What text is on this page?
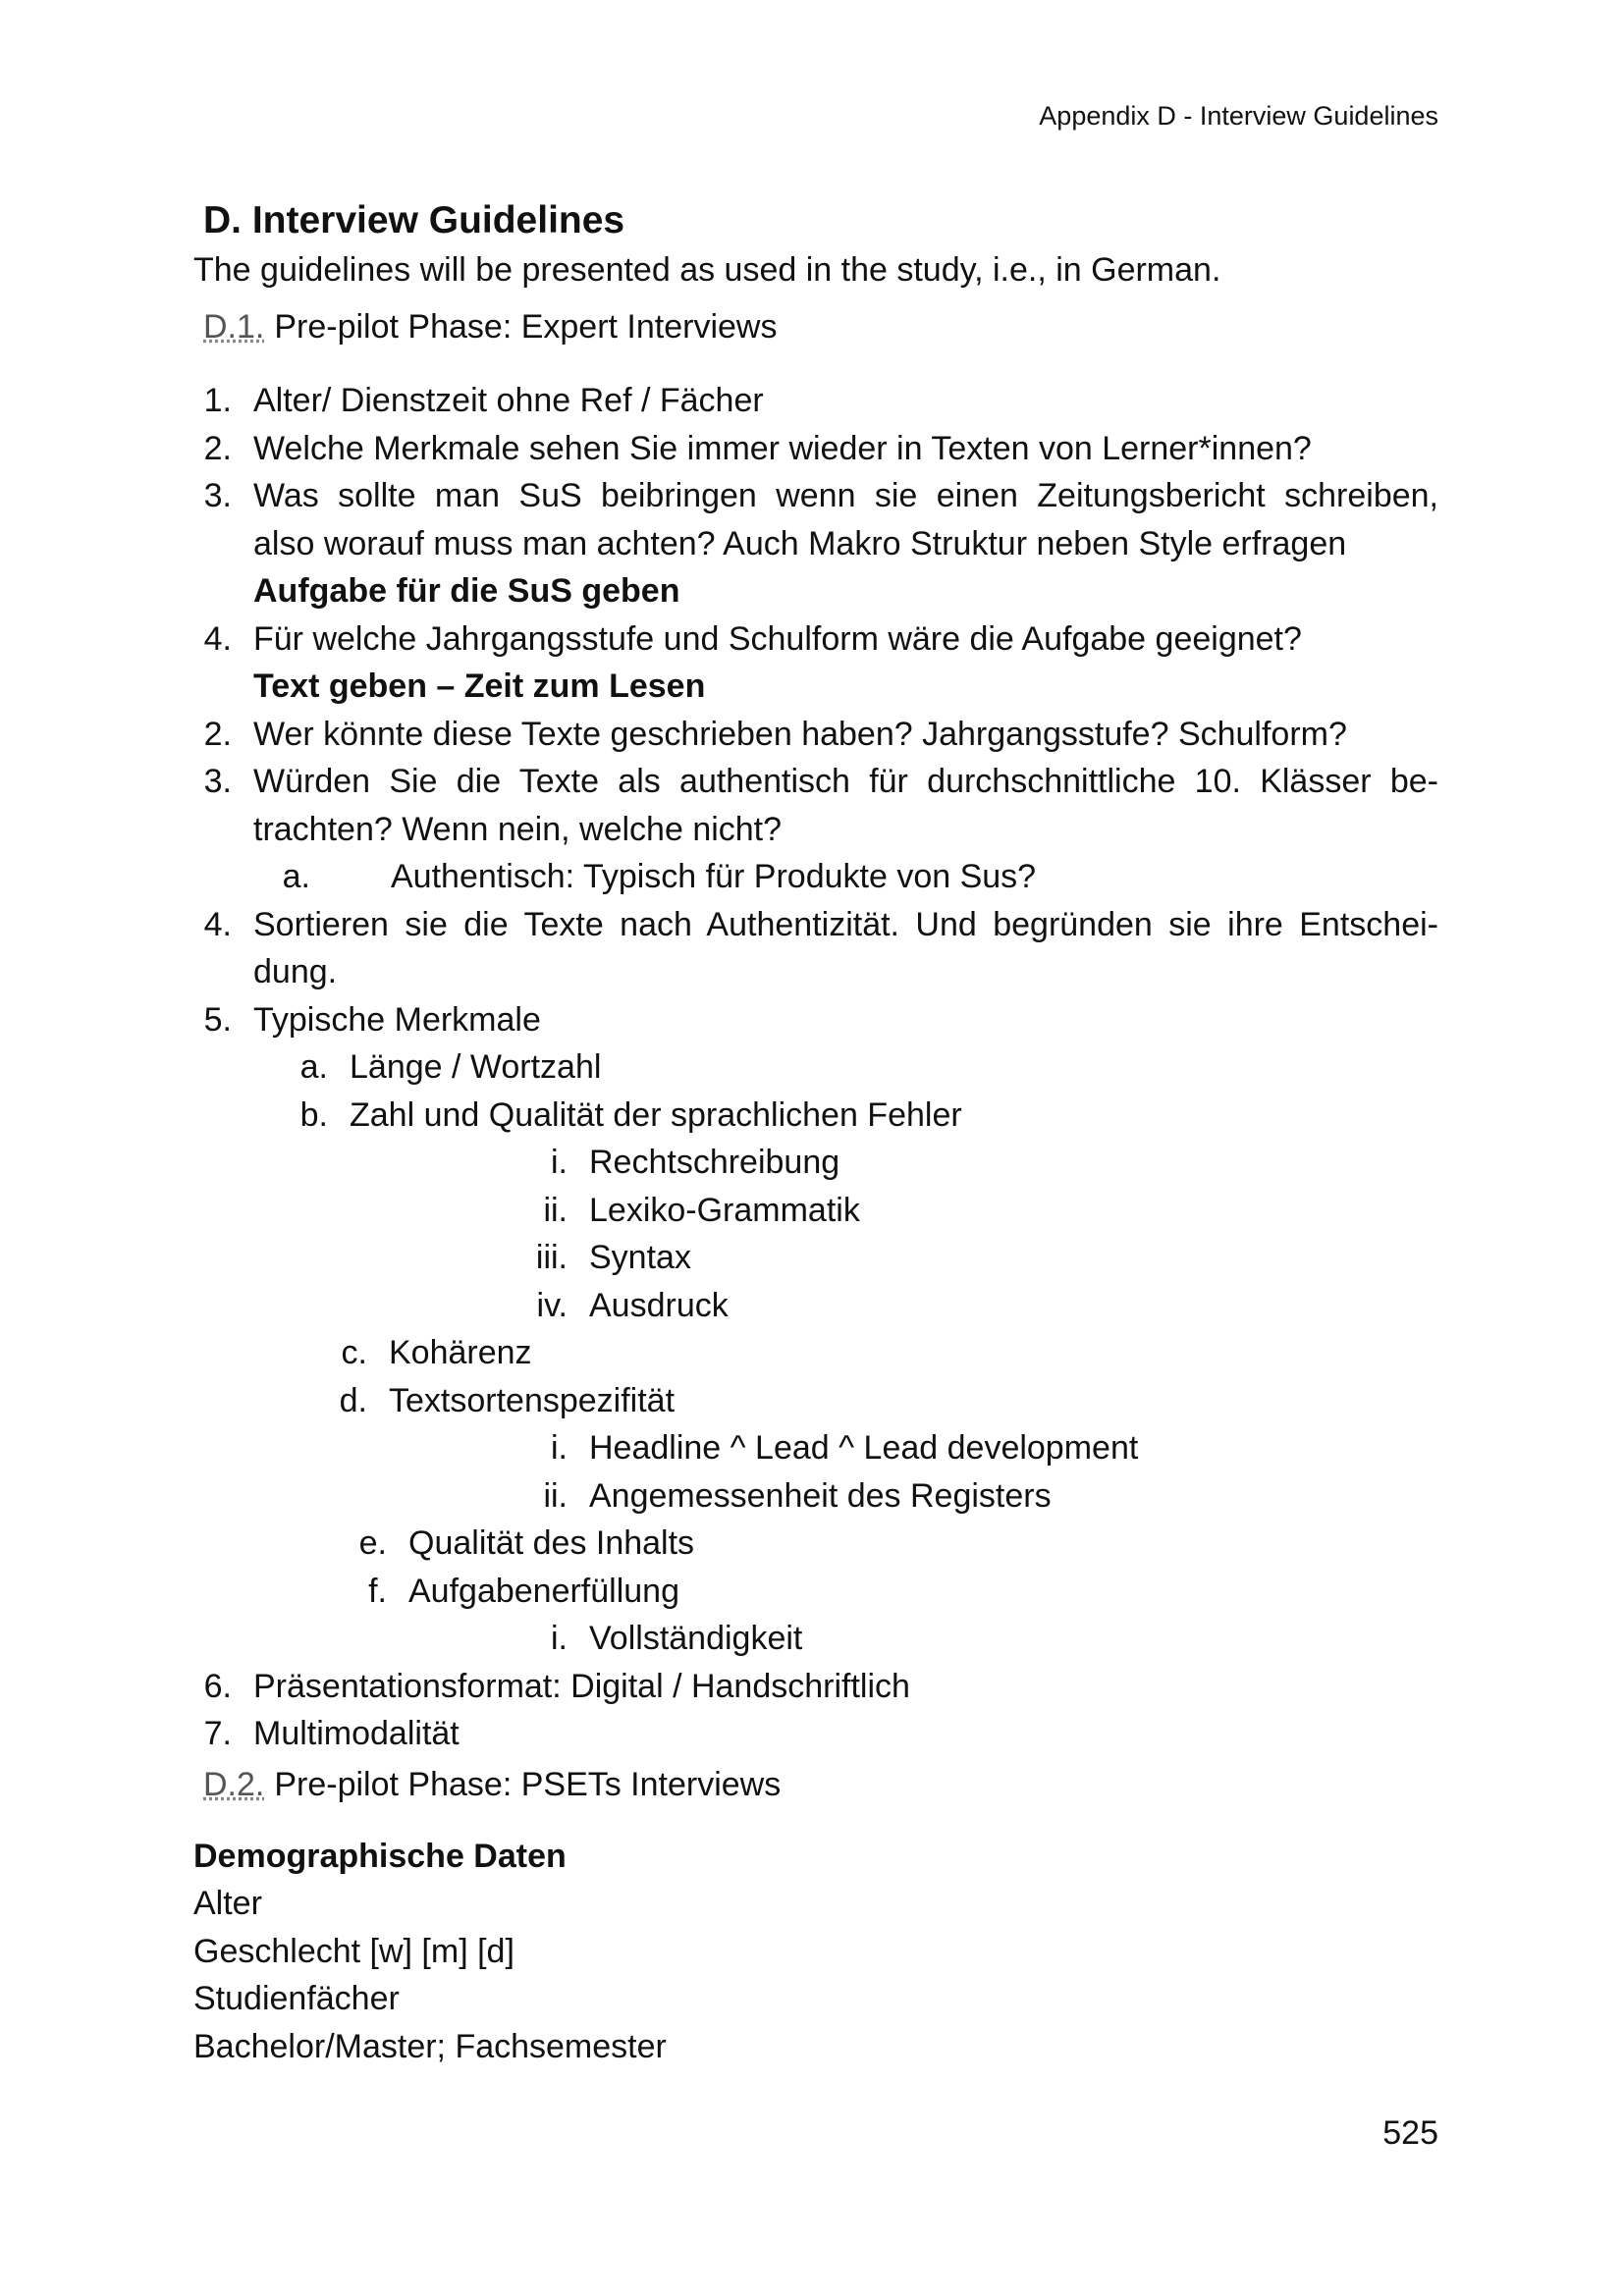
Appendix D - Interview Guidelines
D. Interview Guidelines
The guidelines will be presented as used in the study, i.e., in German.
D.1. Pre-pilot Phase: Expert Interviews
1. Alter/ Dienstzeit ohne Ref / Fächer
2. Welche Merkmale sehen Sie immer wieder in Texten von Lerner*innen?
3. Was sollte man SuS beibringen wenn sie einen Zeitungsbericht schreiben,
also worauf muss man achten? Auch Makro Struktur neben Style erfragen
Aufgabe für die SuS geben
4. Für welche Jahrgangsstufe und Schulform wäre die Aufgabe geeignet?
Text geben – Zeit zum Lesen
2. Wer könnte diese Texte geschrieben haben? Jahrgangsstufe? Schulform?
3. Würden Sie die Texte als authentisch für durchschnittliche 10. Klässer be-
trachten? Wenn nein, welche nicht?
a. Authentisch: Typisch für Produkte von Sus?
4. Sortieren sie die Texte nach Authentizität. Und begründen sie ihre Entschei-
dung.
5. Typische Merkmale
a. Länge / Wortzahl
b. Zahl und Qualität der sprachlichen Fehler
i. Rechtschreibung
ii. Lexiko-Grammatik
iii. Syntax
iv. Ausdruck
c. Kohärenz
d. Textsortenspezifität
i. Headline ^ Lead ^ Lead development
ii. Angemessenheit des Registers
e. Qualität des Inhalts
f. Aufgabenerfüllung
i. Vollständigkeit
6. Präsentationsformat: Digital / Handschriftlich
7. Multimodalität
D.2. Pre-pilot Phase: PSETs Interviews
Demographische Daten
Alter
Geschlecht [w] [m] [d]
Studienfächer
Bachelor/Master; Fachsemester
525
